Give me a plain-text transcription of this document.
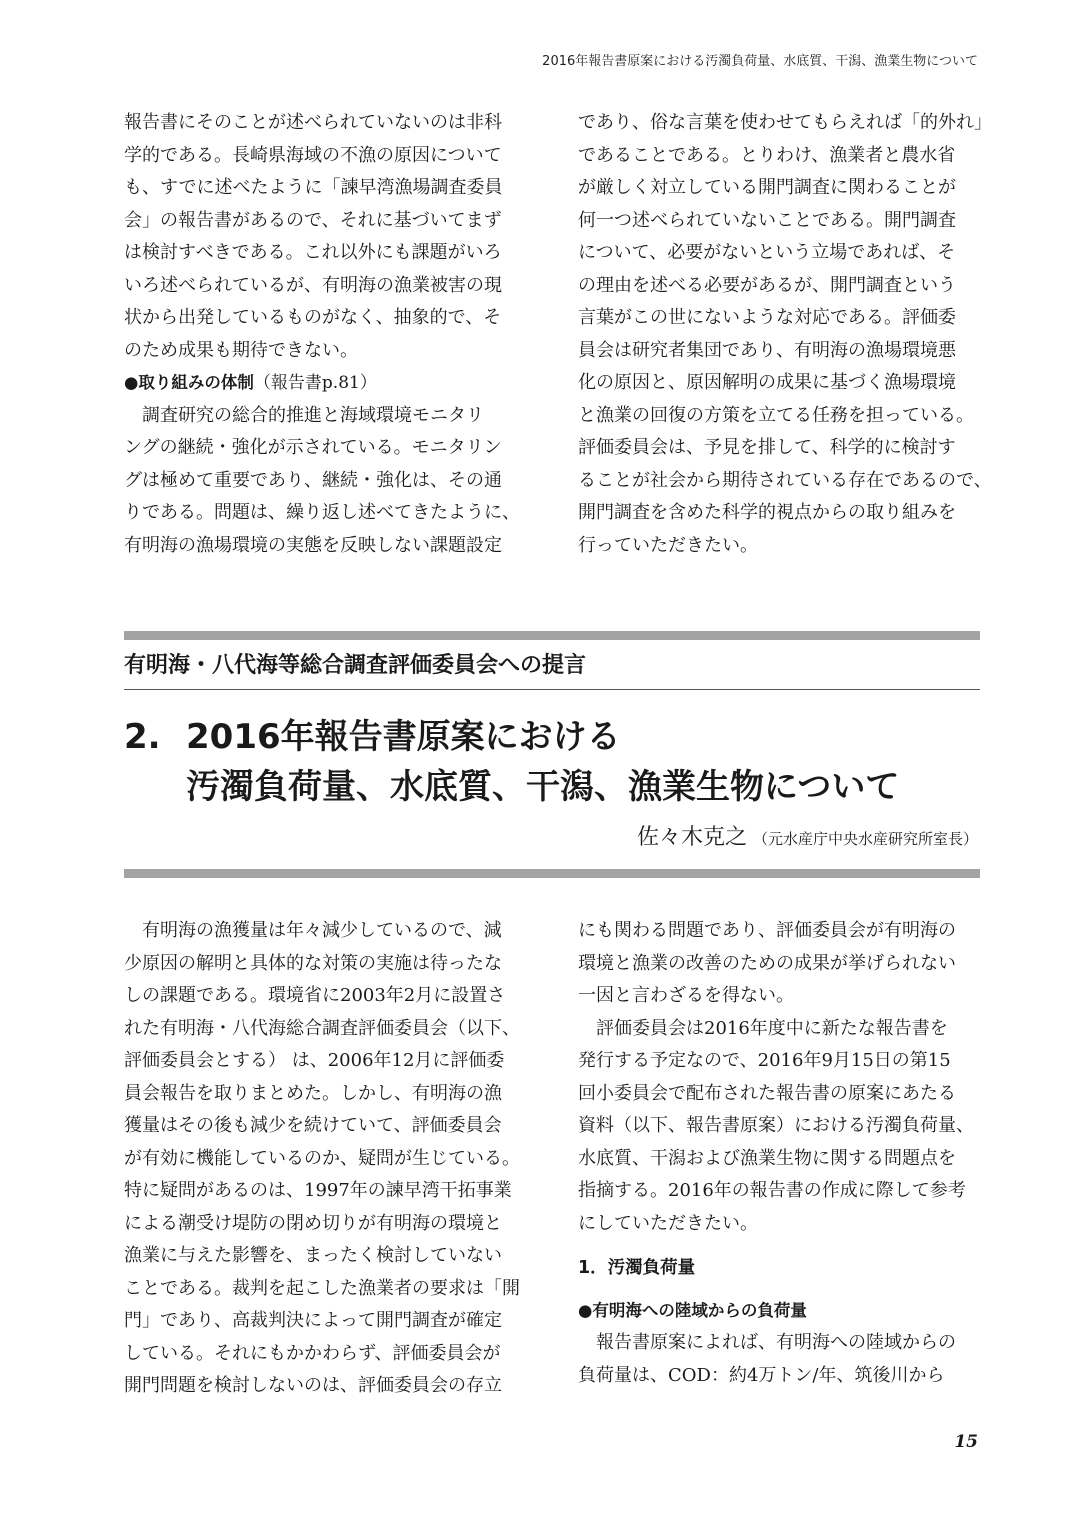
2016年報告書原案における汚濁負荷量、水底質、干潟、漁業生物について

報告書にそのことが述べられていないのは非科
学的である。長崎県海域の不漁の原因について
も、すでに述べたように「諫早湾漁場調査委員
会」の報告書があるので、それに基づいてまず
は検討すべきである。これ以外にも課題がいろ
いろ述べられているが、有明海の漁業被害の現
状から出発しているものがなく、抽象的で、そ
のため成果も期待できない。

●取り組みの体制（報告書p.81）

調査研究の総合的推進と海域環境モニタリ
ングの継続・強化が示されている。モニタリン
グは極めて重要であり、継続・強化は、その通
りである。問題は、繰り返し述べてきたように、
有明海の漁場環境の実態を反映しない課題設定

であり、俗な言葉を使わせてもらえれば「的外れ」
であることである。とりわけ、漁業者と農水省
が厳しく対立している開門調査に関わることが
何一つ述べられていないことである。開門調査
について、必要がないという立場であれば、そ
の理由を述べる必要があるが、開門調査という
言葉がこの世にないような対応である。評価委
員会は研究者集団であり、有明海の漁場環境悪
化の原因と、原因解明の成果に基づく漁場環境
と漁業の回復の方策を立てる任務を担っている。
評価委員会は、予見を排して、科学的に検討す
ることが社会から期待されている存在であるので、
開門調査を含めた科学的視点からの取り組みを
行っていただきたい。

有明海・八代海等総合調査評価委員会への提言
2. 2016年報告書原案における
汚濁負荷量、水底質、干潟、漁業生物について
佐々木克之 （元水産庁中央水産研究所室長）

有明海の漁獲量は年々減少しているので、減
少原因の解明と具体的な対策の実施は待ったな
しの課題である。環境省に2003年2月に設置さ
れた有明海・八代海総合調査評価委員会（以下、
評価委員会とする） は、2006年12月に評価委
員会報告を取りまとめた。しかし、有明海の漁
獲量はその後も減少を続けていて、評価委員会
が有効に機能しているのか、疑問が生じている。
特に疑問があるのは、1997年の諫早湾干拓事業
による潮受け堤防の閉め切りが有明海の環境と
漁業に与えた影響を、まったく検討していない
ことである。裁判を起こした漁業者の要求は「開
門」であり、高裁判決によって開門調査が確定
している。それにもかかわらず、評価委員会が
開門問題を検討しないのは、評価委員会の存立

にも関わる問題であり、評価委員会が有明海の
環境と漁業の改善のための成果が挙げられない
一因と言わざるを得ない。

評価委員会は2016年度中に新たな報告書を
発行する予定なので、2016年9月15日の第15
回小委員会で配布された報告書の原案にあたる
資料（以下、報告書原案）における汚濁負荷量、
水底質、干潟および漁業生物に関する問題点を
指摘する。2016年の報告書の作成に際して参考
にしていただきたい。

1．汚濁負荷量

●有明海への陸域からの負荷量

報告書原案によれば、有明海への陸域からの
負荷量は、COD：約4万トン/年、筑後川から

15
